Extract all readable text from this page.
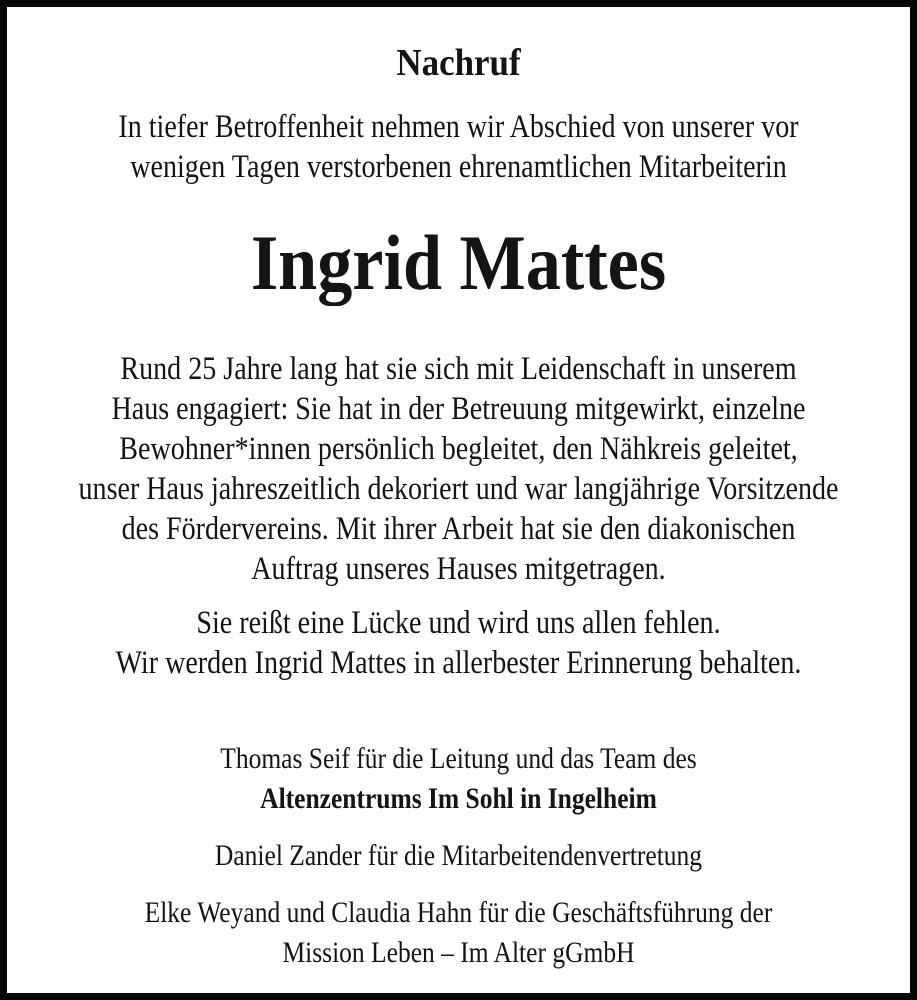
Nachruf
In tiefer Betroffenheit nehmen wir Abschied von unserer vor
wenigen Tagen verstorbenen ehrenamtlichen Mitarbeiterin
Ingrid Mattes
Rund 25 Jahre lang hat sie sich mit Leidenschaft in unserem
Haus engagiert: Sie hat in der Betreuung mitgewirkt, einzelne
Bewohner*innen persönlich begleitet, den Nähkreis geleitet,
unser Haus jahreszeitlich dekoriert und war langjährige Vorsitzende
des Fördervereins. Mit ihrer Arbeit hat sie den diakonischen
Auftrag unseres Hauses mitgetragen.
Sie reißt eine Lücke und wird uns allen fehlen.
Wir werden Ingrid Mattes in allerbester Erinnerung behalten.
Thomas Seif für die Leitung und das Team des
Altenzentrums Im Sohl in Ingelheim
Daniel Zander für die Mitarbeitendenvertretung
Elke Weyand und Claudia Hahn für die Geschäftsführung der
Mission Leben – Im Alter gGmbH
